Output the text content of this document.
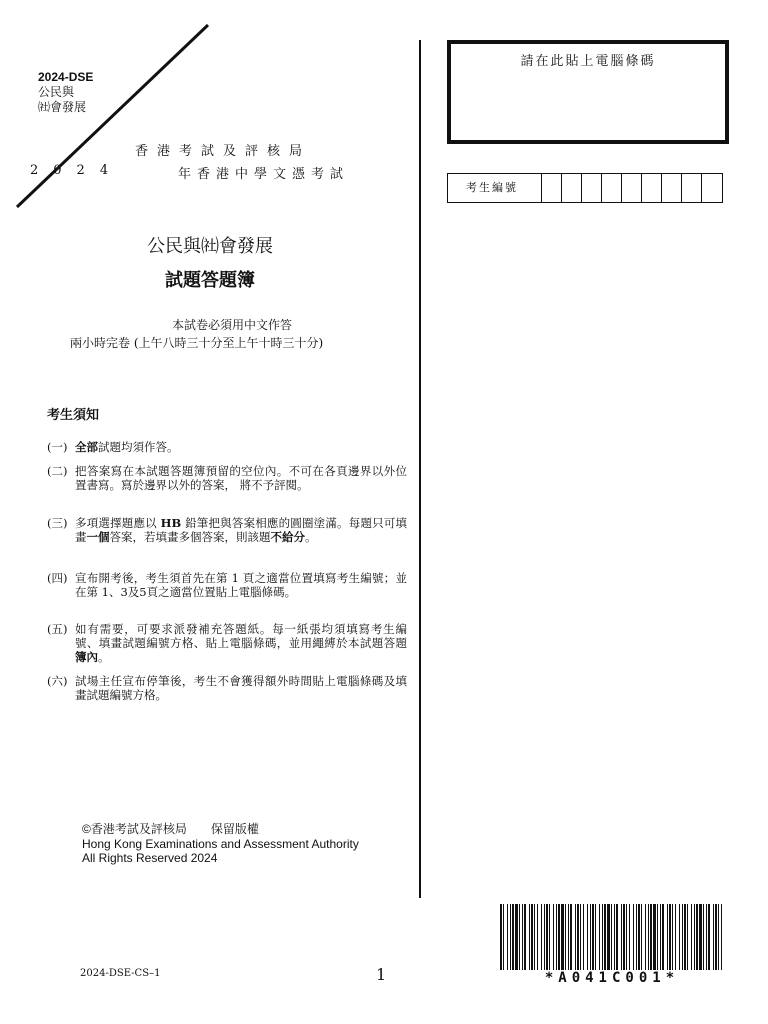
2024-DSE
公民與
㈳會發展
香港考試及評核局
2024	年香港中學文憑考試
公民與㈳會發展
試題答題簿
本試卷必須用中文作答
兩小時完卷 (上午八時三十分至上午十時三十分)
考生須知
(一) 全部試題均須作答。
(二) 把答案寫在本試題答題簿預留的空位內。不可在各頁邊界以外位置書寫。寫於邊界以外的答案， 將不予評閱。
(三) 多項選擇題應以 HB 鉛筆把與答案相應的圓圈塗滿。每題只可填畫一個答案，若填畫多個答案，則該題不給分。
(四) 宣布開考後，考生須首先在第 1 頁之適當位置填寫考生編號；並在第 1、3及5頁之適當位置貼上電腦條碼。
(五) 如有需要，可要求派發補充答題紙。每一紙張均須填寫考生編號、填畫試題編號方格、貼上電腦條碼，並用繩縛於本試題答題簿內。
(六) 試場主任宣布停筆後，考生不會獲得額外時間貼上電腦條碼及填畫試題編號方格。
©香港考試及評核局　　保留版權
Hong Kong Examinations and Assessment Authority
All Rights Reserved 2024
請在此貼上電腦條碼
考生編號
2024-DSE-CS–1	1	*A041C001*
